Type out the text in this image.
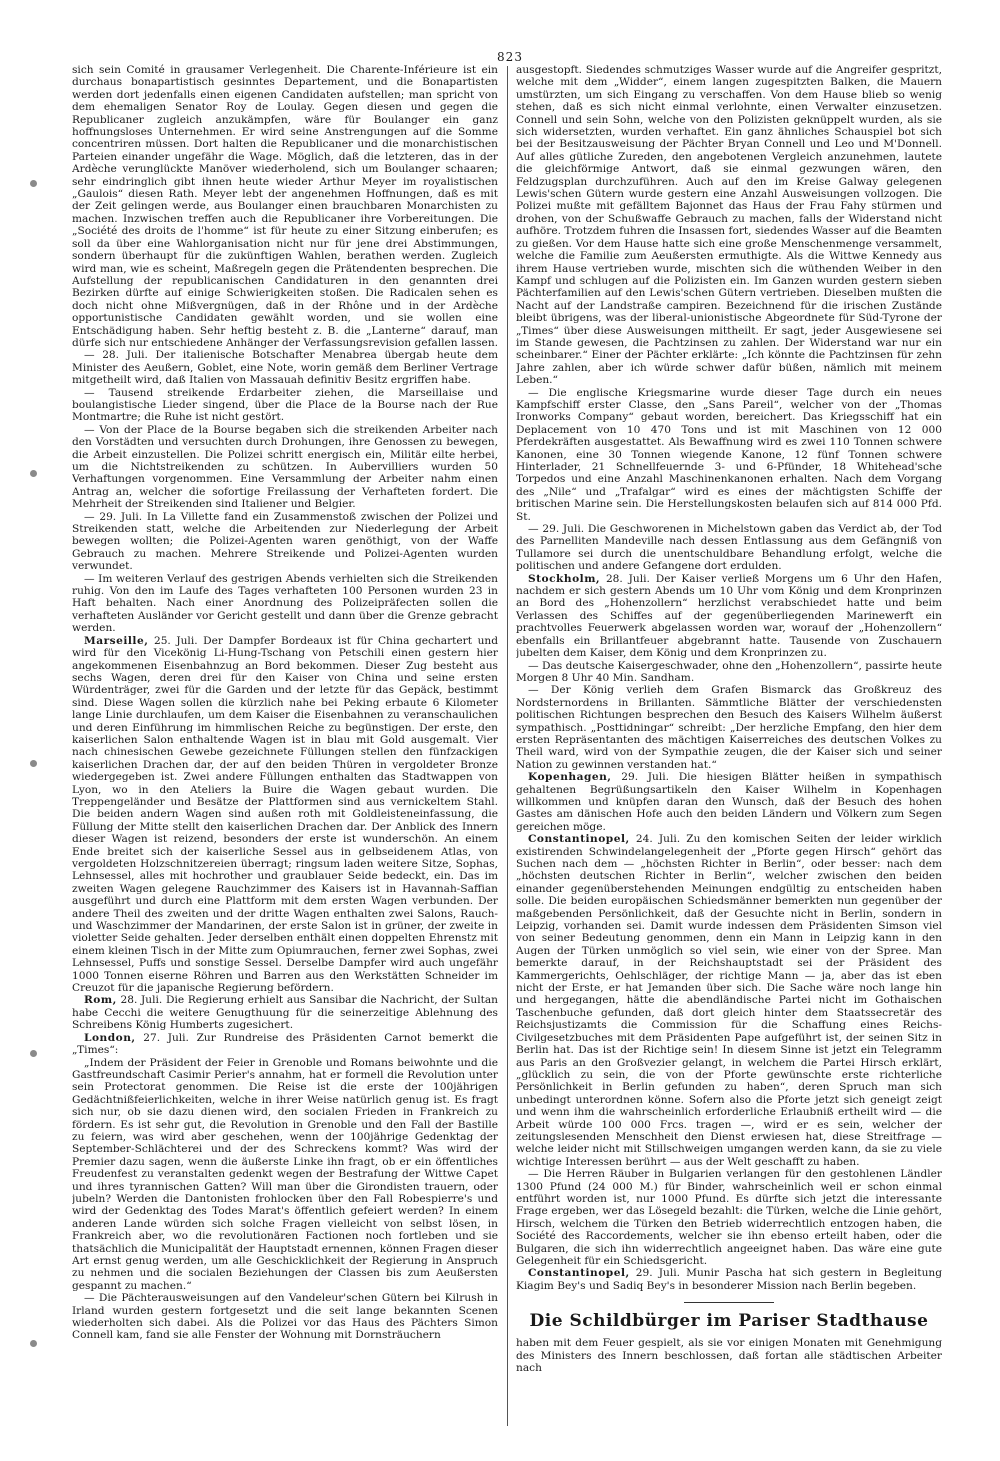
823

sich sein Comité in grausamer Verlegenheit. Die Charente-Inférieure ist ein durchaus bonapartistisch gesinntes Departement, und die Bonapartisten werden dort jedenfalls einen eigenen Candidaten aufstellen; man spricht von dem ehemaligen Senator Roy de Loulay. Gegen diesen und gegen die Republicaner zugleich anzukämpfen, wäre für Boulanger ein ganz hoffnungsloses Unternehmen. Er wird seine Anstrengungen auf die Somme concentriren müssen. Dort halten die Republicaner und die monarchistischen Parteien einander ungefähr die Wage. Möglich, daß die letzteren, das in der Ardèche verunglückte Manöver wiederholend, sich um Boulanger schaaren; sehr eindringlich gibt ihnen heute wieder Arthur Meyer im royalistischen „Gaulois“ diesen Rath. Meyer lebt der angenehmen Hoffnungen, daß es mit der Zeit gelingen werde, aus Boulanger einen brauchbaren Monarchisten zu machen. Inzwischen treffen auch die Republicaner ihre Vorbereitungen. Die „Société des droits de l'homme“ ist für heute zu einer Sitzung einberufen; es soll da über eine Wahlorganisation nicht nur für jene drei Abstimmungen, sondern überhaupt für die zukünftigen Wahlen, berathen werden. Zugleich wird man, wie es scheint, Maßregeln gegen die Prätendenten besprechen. Die Aufstellung der republicanischen Candidaturen in den genannten drei Bezirken dürfte auf einige Schwierigkeiten stoßen. Die Radicalen sehen es doch nicht ohne Mißvergnügen, daß in der Rhône und in der Ardèche opportunistische Candidaten gewählt worden, und sie wollen eine Entschädigung haben. Sehr heftig besteht z. B. die „Lanterne“ darauf, man dürfe sich nur entschiedene Anhänger der Verfassungsrevision gefallen lassen.

— 28. Juli. Der italienische Botschafter Menabrea übergab heute dem Minister des Aeußern, Goblet, eine Note, worin gemäß dem Berliner Vertrage mitgetheilt wird, daß Italien von Massauah definitiv Besitz ergriffen habe.

— Tausend streikende Erdarbeiter ziehen, die Marseillaise und boulangistische Lieder singend, über die Place de la Bourse nach der Rue Montmartre; die Ruhe ist nicht gestört.

— Von der Place de la Bourse begaben sich die streikenden Arbeiter nach den Vorstädten und versuchten durch Drohungen, ihre Genossen zu bewegen, die Arbeit einzustellen. Die Polizei schritt energisch ein, Militär eilte herbei, um die Nichtstreikenden zu schützen. In Aubervilliers wurden 50 Verhaftungen vorgenommen. Eine Versammlung der Arbeiter nahm einen Antrag an, welcher die sofortige Freilassung der Verhafteten fordert. Die Mehrheit der Streikenden sind Italiener und Belgier.

— 29. Juli. In La Villette fand ein Zusammenstoß zwischen der Polizei und Streikenden statt, welche die Arbeitenden zur Niederlegung der Arbeit bewegen wollten; die Polizei-Agenten waren genöthigt, von der Waffe Gebrauch zu machen. Mehrere Streikende und Polizei-Agenten wurden verwundet.

— Im weiteren Verlauf des gestrigen Abends verhielten sich die Streikenden ruhig. Von den im Laufe des Tages verhafteten 100 Personen wurden 23 in Haft behalten. Nach einer Anordnung des Polizeipräfecten sollen die verhafteten Ausländer vor Gericht gestellt und dann über die Grenze gebracht werden.

Marseille, 25. Juli. Der Dampfer Bordeaux ist für China gechartert und wird für den Vicekönig Li-Hung-Tschang von Petschili einen gestern hier angekommenen Eisenbahnzug an Bord bekommen. Dieser Zug besteht aus sechs Wagen, deren drei für den Kaiser von China und seine ersten Würdenträger, zwei für die Garden und der letzte für das Gepäck, bestimmt sind. Diese Wagen sollen die kürzlich nahe bei Peking erbaute 6 Kilometer lange Linie durchlaufen, um dem Kaiser die Eisenbahnen zu veranschaulichen und deren Einführung im himmlischen Reiche zu begünstigen. Der erste, den kaiserlichen Salon enthaltende Wagen ist in blau mit Gold ausgemalt. Vier nach chinesischen Gewebe gezeichnete Füllungen stellen den fünfzackigen kaiserlichen Drachen dar, der auf den beiden Thüren in vergoldeter Bronze wiedergegeben ist. Zwei andere Füllungen enthalten das Stadtwappen von Lyon, wo in den Ateliers la Buire die Wagen gebaut wurden. Die Treppengeländer und Besätze der Plattformen sind aus vernickeltem Stahl. Die beiden andern Wagen sind außen roth mit Goldleisteneinfassung, die Füllung der Mitte stellt den kaiserlichen Drachen dar. Der Anblick des Innern dieser Wagen ist reizend, besonders der erste ist wunderschön. An einem Ende breitet sich der kaiserliche Sessel aus in gelbseidenem Atlas, von vergoldeten Holzschnitzereien überragt; ringsum laden weitere Sitze, Sophas, Lehnsessel, alles mit hochrother und graublauer Seide bedeckt, ein. Das im zweiten Wagen gelegene Rauchzimmer des Kaisers ist in Havannah-Saffian ausgeführt und durch eine Plattform mit dem ersten Wagen verbunden. Der andere Theil des zweiten und der dritte Wagen enthalten zwei Salons, Rauch- und Waschzimmer der Mandarinen, der erste Salon ist in grüner, der zweite in violetter Seide gehalten. Jeder derselben enthält einen doppelten Ehrenstz mit einem kleinen Tisch in der Mitte zum Opiumrauchen, ferner zwei Sophas, zwei Lehnsessel, Puffs und sonstige Sessel. Derselbe Dampfer wird auch ungefähr 1000 Tonnen eiserne Röhren und Barren aus den Werkstätten Schneider im Creuzot für die japanische Regierung befördern.

Rom, 28. Juli. Die Regierung erhielt aus Sansibar die Nachricht, der Sultan habe Cecchi die weitere Genugthuung für die seinerzeitige Ablehnung des Schreibens König Humberts zugesichert.

London, 27. Juli. Zur Rundreise des Präsidenten Carnot bemerkt die „Times“:

„Indem der Präsident der Feier in Grenoble und Romans beiwohnte und die Gastfreundschaft Casimir Perier's annahm, hat er formell die Revolution unter sein Protectorat genommen. Die Reise ist die erste der 100jährigen Gedächtnißfeierlichkeiten, welche in ihrer Weise natürlich genug ist. Es fragt sich nur, ob sie dazu dienen wird, den socialen Frieden in Frankreich zu fördern. Es ist sehr gut, die Revolution in Grenoble und den Fall der Bastille zu feiern, was wird aber geschehen, wenn der 100jährige Gedenktag der September-Schlächterei und der des Schreckens kommt? Was wird der Premier dazu sagen, wenn die äußerste Linke ihn fragt, ob er ein öffentliches Freudenfest zu veranstalten gedenkt wegen der Bestrafung der Wittwe Capet und ihres tyrannischen Gatten? Will man über die Girondisten trauern, oder jubeln? Werden die Dantonisten frohlocken über den Fall Robespierre's und wird der Gedenktag des Todes Marat's öffentlich gefeiert werden? In einem anderen Lande würden sich solche Fragen vielleicht von selbst lösen, in Frankreich aber, wo die revolutionären Factionen noch fortleben und sie thatsächlich die Municipalität der Hauptstadt ernennen, können Fragen dieser Art ernst genug werden, um alle Geschicklichkeit der Regierung in Anspruch zu nehmen und die socialen Beziehungen der Classen bis zum Aeußersten gespannt zu machen.“

— Die Pächterausweisungen auf den Vandeleur'schen Gütern bei Kilrush in Irland wurden gestern fortgesetzt und die seit lange bekannten Scenen wiederholten sich dabei. Als die Polizei vor das Haus des Pächters Simon Connell kam, fand sie alle Fenster der Wohnung mit Dornsträuchern

ausgestopft. Siedendes schmutziges Wasser wurde auf die Angreifer gespritzt, welche mit dem „Widder“, einem langen zugespitzten Balken, die Mauern umstürzten, um sich Eingang zu verschaffen. Von dem Hause blieb so wenig stehen, daß es sich nicht einmal verlohnte, einen Verwalter einzusetzen. Connell und sein Sohn, welche von den Polizisten geknüppelt wurden, als sie sich widersetzten, wurden verhaftet. Ein ganz ähnliches Schauspiel bot sich bei der Besitzausweisung der Pächter Bryan Connell und Leo und M'Donnell. Auf alles gütliche Zureden, den angebotenen Vergleich anzunehmen, lautete die gleichförmige Antwort, daß sie einmal gezwungen wären, den Feldzugsplan durchzuführen. Auch auf den im Kreise Galway gelegenen Lewis'schen Gütern wurde gestern eine Anzahl Ausweisungen vollzogen. Die Polizei mußte mit gefälltem Bajonnet das Haus der Frau Fahy stürmen und drohen, von der Schußwaffe Gebrauch zu machen, falls der Widerstand nicht aufhöre. Trotzdem fuhren die Insassen fort, siedendes Wasser auf die Beamten zu gießen. Vor dem Hause hatte sich eine große Menschenmenge versammelt, welche die Familie zum Aeußersten ermuthigte. Als die Wittwe Kennedy aus ihrem Hause vertrieben wurde, mischten sich die wüthenden Weiber in den Kampf und schlugen auf die Polizisten ein. Im Ganzen wurden gestern sieben Pächterfamilien auf den Lewis'schen Gütern vertrieben. Dieselben mußten die Nacht auf der Landstraße campiren. Bezeichnend für die irischen Zustände bleibt übrigens, was der liberal-unionistische Abgeordnete für Süd-Tyrone der „Times“ über diese Ausweisungen mittheilt. Er sagt, jeder Ausgewiesene sei im Stande gewesen, die Pachtzinsen zu zahlen. Der Widerstand war nur ein scheinbarer.“ Einer der Pächter erklärte: „Ich könnte die Pachtzinsen für zehn Jahre zahlen, aber ich würde schwer dafür büßen, nämlich mit meinem Leben.“

— Die englische Kriegsmarine wurde dieser Tage durch ein neues Kampfschiff erster Classe, den „Sans Pareil“, welcher von der „Thomas Ironworks Company“ gebaut worden, bereichert. Das Kriegsschiff hat ein Deplacement von 10 470 Tons und ist mit Maschinen von 12 000 Pferdekräften ausgestattet. Als Bewaffnung wird es zwei 110 Tonnen schwere Kanonen, eine 30 Tonnen wiegende Kanone, 12 fünf Tonnen schwere Hinterlader, 21 Schnellfeuernde 3- und 6-Pfünder, 18 Whitehead'sche Torpedos und eine Anzahl Maschinenkanonen erhalten. Nach dem Vorgang des „Nile“ und „Trafalgar“ wird es eines der mächtigsten Schiffe der britischen Marine sein. Die Herstellungskosten belaufen sich auf 814 000 Pfd. St.

— 29. Juli. Die Geschworenen in Michelstown gaben das Verdict ab, der Tod des Parnelliten Mandeville nach dessen Entlassung aus dem Gefängniß von Tullamore sei durch die unentschuldbare Behandlung erfolgt, welche die politischen und andere Gefangene dort erdulden.

Stockholm, 28. Juli. Der Kaiser verließ Morgens um 6 Uhr den Hafen, nachdem er sich gestern Abends um 10 Uhr vom König und dem Kronprinzen an Bord des „Hohenzollern“ herzlichst verabschiedet hatte und beim Verlassen des Schiffes auf der gegenüberliegenden Marinewerft ein prachtvolles Feuerwerk abgelassen worden war, worauf der „Hohenzollern“ ebenfalls ein Brillantfeuer abgebrannt hatte. Tausende von Zuschauern jubelten dem Kaiser, dem König und dem Kronprinzen zu.

— Das deutsche Kaisergeschwader, ohne den „Hohenzollern“, passirte heute Morgen 8 Uhr 40 Min. Sandham.

— Der König verlieh dem Grafen Bismarck das Großkreuz des Nordsternordens in Brillanten. Sämmtliche Blätter der verschiedensten politischen Richtungen besprechen den Besuch des Kaisers Wilhelm äußerst sympathisch. „Posttidningar“ schreibt: „Der herzliche Empfang, den hier dem ersten Repräsentanten des mächtigen Kaiserreiches des deutschen Volkes zu Theil ward, wird von der Sympathie zeugen, die der Kaiser sich und seiner Nation zu gewinnen verstanden hat.“

Kopenhagen, 29. Juli. Die hiesigen Blätter heißen in sympathisch gehaltenen Begrüßungsartikeln den Kaiser Wilhelm in Kopenhagen willkommen und knüpfen daran den Wunsch, daß der Besuch des hohen Gastes am dänischen Hofe auch den beiden Ländern und Völkern zum Segen gereichen möge.

Constantinopel, 24. Juli. Zu den komischen Seiten der leider wirklich existirenden Schwindelangelegenheit der „Pforte gegen Hirsch“ gehört das Suchen nach dem — „höchsten Richter in Berlin“, oder besser: nach dem „höchsten deutschen Richter in Berlin“, welcher zwischen den beiden einander gegenüberstehenden Meinungen endgültig zu entscheiden haben solle. Die beiden europäischen Schiedsmänner bemerkten nun gegenüber der maßgebenden Persönlichkeit, daß der Gesuchte nicht in Berlin, sondern in Leipzig, vorhanden sei. Damit wurde indessen dem Präsidenten Simson viel von seiner Bedeutung genommen, denn ein Mann in Leipzig kann in den Augen der Türken unmöglich so viel sein, wie einer von der Spree. Man bemerkte darauf, in der Reichshauptstadt sei der Präsident des Kammergerichts, Oehlschläger, der richtige Mann — ja, aber das ist eben nicht der Erste, er hat Jemanden über sich. Die Sache wäre noch lange hin und hergegangen, hätte die abendländische Partei nicht im Gothaischen Taschenbuche gefunden, daß dort gleich hinter dem Staatssecretär des Reichsjustizamts die Commission für die Schaffung eines Reichs-Civilgesetzbuches mit dem Präsidenten Pape aufgeführt ist, der seinen Sitz in Berlin hat. Das ist der Richtige sein! In diesem Sinne ist jetzt ein Telegramm aus Paris an den Großvezier gelangt, in welchem die Partei Hirsch erklärt, „glücklich zu sein, die von der Pforte gewünschte erste richterliche Persönlichkeit in Berlin gefunden zu haben“, deren Spruch man sich unbedingt unterordnen könne. Sofern also die Pforte jetzt sich geneigt zeigt und wenn ihm die wahrscheinlich erforderliche Erlaubniß ertheilt wird — die Arbeit würde 100 000 Frcs. tragen —, wird er es sein, welcher der zeitungslesenden Menschheit den Dienst erwiesen hat, diese Streitfrage — welche leider nicht mit Stillschweigen umgangen werden kann, da sie zu viele wichtige Interessen berührt — aus der Welt geschafft zu haben.

— Die Herren Räuber in Bulgarien verlangen für den gestohlenen Ländler 1300 Pfund (24 000 M.) für Binder, wahrscheinlich weil er schon einmal entführt worden ist, nur 1000 Pfund. Es dürfte sich jetzt die interessante Frage ergeben, wer das Lösegeld bezahlt: die Türken, welche die Linie gehört, Hirsch, welchem die Türken den Betrieb widerrechtlich entzogen haben, die Société des Raccordements, welcher sie ihn ebenso erteilt haben, oder die Bulgaren, die sich ihn widerrechtlich angeeignet haben. Das wäre eine gute Gelegenheit für ein Schiedsgericht.

Constantinopel, 29. Juli. Munir Pascha hat sich gestern in Begleitung Kiagim Bey's und Sadiq Bey's in besonderer Mission nach Berlin begeben.

Die Schildbürger im Pariser Stadthause

haben mit dem Feuer gespielt, als sie vor einigen Monaten mit Genehmigung des Ministers des Innern beschlossen, daß fortan alle städtischen Arbeiter nach
